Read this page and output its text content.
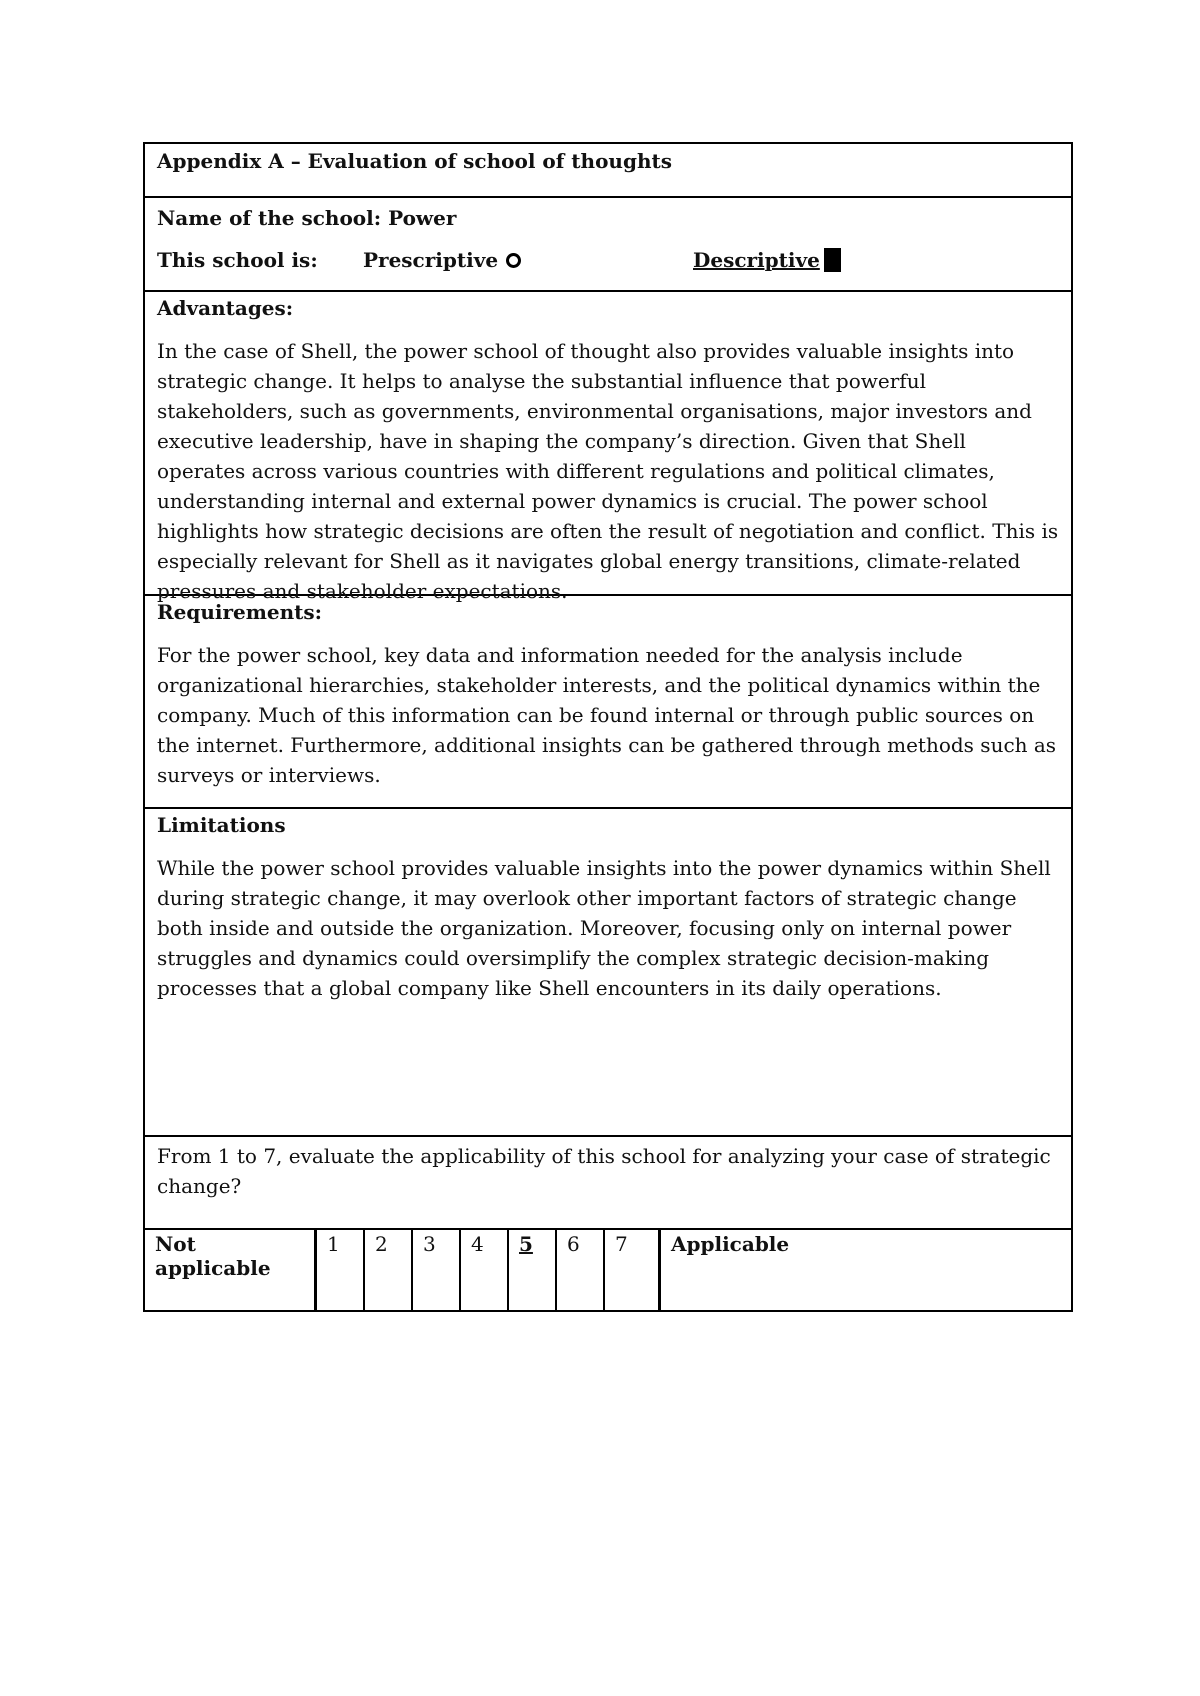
Appendix A – Evaluation of school of thoughts
Name of the school: Power
This school is:	Prescriptive	Descriptive
Advantages:
In the case of Shell, the power school of thought also provides valuable insights into strategic change. It helps to analyse the substantial influence that powerful stakeholders, such as governments, environmental organisations, major investors and executive leadership, have in shaping the company’s direction. Given that Shell operates across various countries with different regulations and political climates, understanding internal and external power dynamics is crucial. The power school highlights how strategic decisions are often the result of negotiation and conflict. This is especially relevant for Shell as it navigates global energy transitions, climate-related pressures and stakeholder expectations.
Requirements:
For the power school, key data and information needed for the analysis include organizational hierarchies, stakeholder interests, and the political dynamics within the company. Much of this information can be found internal or through public sources on the internet. Furthermore, additional insights can be gathered through methods such as surveys or interviews.
Limitations
While the power school provides valuable insights into the power dynamics within Shell during strategic change, it may overlook other important factors of strategic change both inside and outside the organization. Moreover, focusing only on internal power struggles and dynamics could oversimplify the complex strategic decision-making processes that a global company like Shell encounters in its daily operations.
From 1 to 7, evaluate the applicability of this school for analyzing your case of strategic change?
Not applicable
1	2	3	4	5	6	7	Applicable
